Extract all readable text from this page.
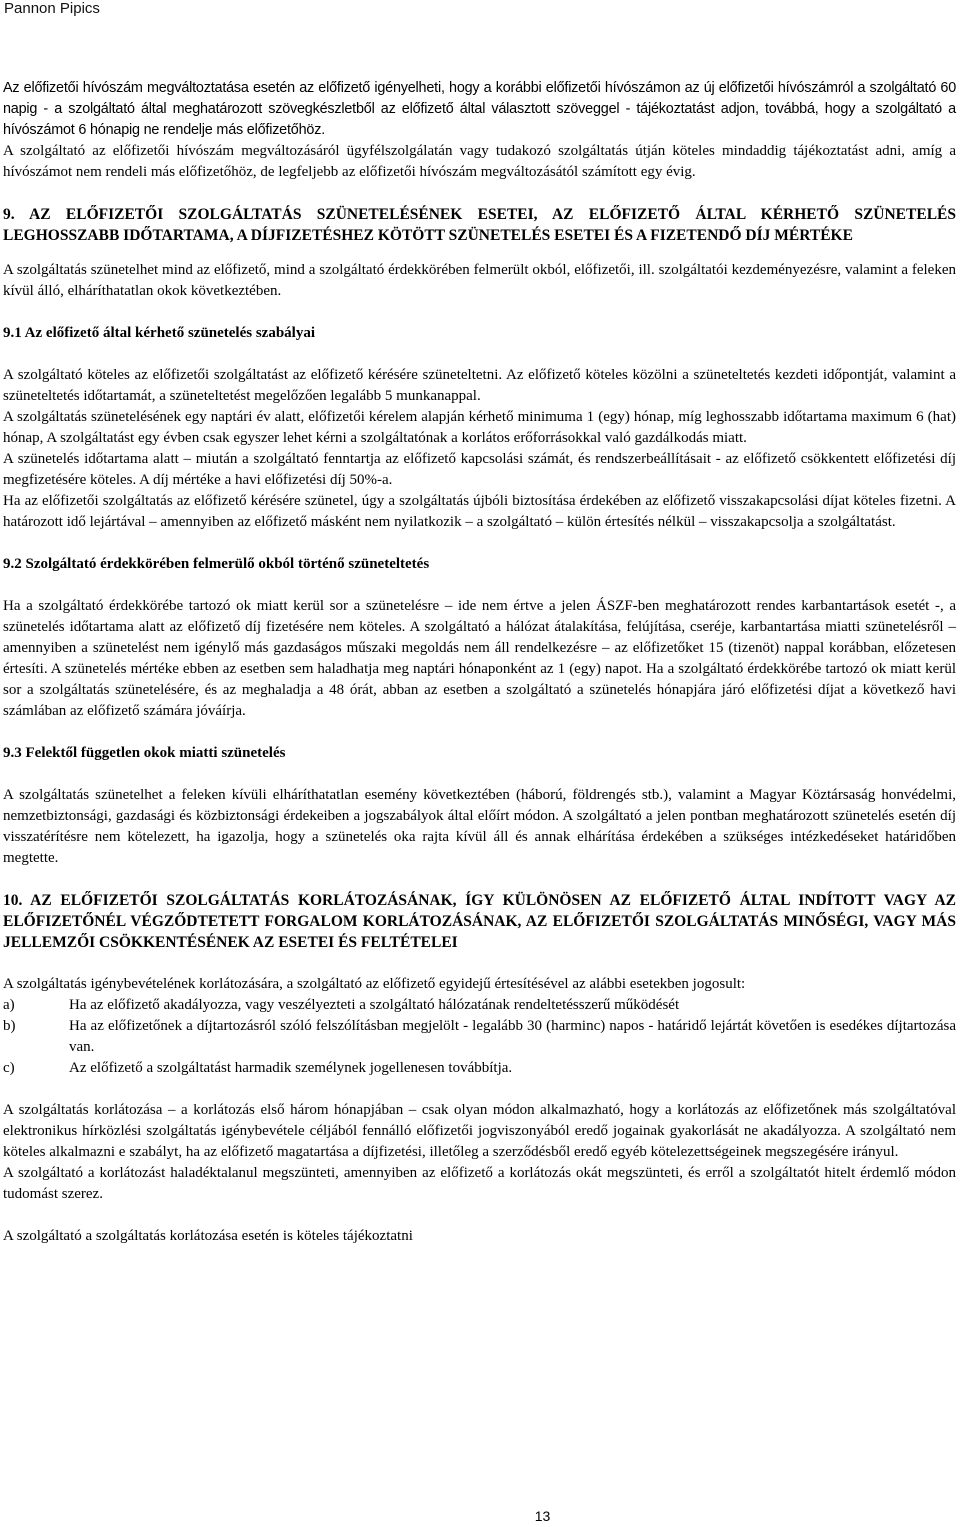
Pannon Pipics

Az előfizetői hívószám megváltoztatása esetén az előfizető igényelheti, hogy a korábbi előfizetői hívószámon az új előfizetői hívószámról a szolgáltató 60 napig - a szolgáltató által meghatározott szövegkészletből az előfizető által választott szöveggel - tájékoztatást adjon, továbbá, hogy a szolgáltató a hívószámot 6 hónapig ne rendelje más előfizetőhöz.

A szolgáltató az előfizetői hívószám megváltozásáról ügyfélszolgálatán vagy tudakozó szolgáltatás útján köteles mindaddig tájékoztatást adni, amíg a hívószámot nem rendeli más előfizetőhöz, de legfeljebb az előfizetői hívószám megváltozásától számított egy évig.

9. AZ ELŐFIZETŐI SZOLGÁLTATÁS SZÜNETELÉSÉNEK ESETEI, AZ ELŐFIZETŐ ÁLTAL KÉRHETŐ SZÜNETELÉS LEGHOSSZABB IDŐTARTAMA, A DÍJFIZETÉSHEZ KÖTÖTT SZÜNETELÉS ESETEI ÉS A FIZETENDŐ DÍJ MÉRTÉKE

A szolgáltatás szünetelhet mind az előfizető, mind a szolgáltató érdekkörében felmerült okból, előfizetői, ill. szolgáltatói kezdeményezésre, valamint a feleken kívül álló, elháríthatatlan okok következtében.

9.1 Az előfizető által kérhető szünetelés szabályai

A szolgáltató köteles az előfizetői szolgáltatást az előfizető kérésére szüneteltetni. Az előfizető köteles közölni a szüneteltetés kezdeti időpontját, valamint a szüneteltetés időtartamát, a szüneteltetést megelőzően legalább 5 munkanappal.

A szolgáltatás szünetelésének egy naptári év alatt, előfizetői kérelem alapján kérhető minimuma 1 (egy) hónap, míg leghosszabb időtartama maximum 6 (hat) hónap, A szolgáltatást egy évben csak egyszer lehet kérni a szolgáltatónak a korlátos erőforrásokkal való gazdálkodás miatt.

A szünetelés időtartama alatt – miután a szolgáltató fenntartja az előfizető kapcsolási számát, és rendszerbeállításait - az előfizető csökkentett előfizetési díj megfizetésére köteles. A díj mértéke a havi előfizetési díj 50%-a.

Ha az előfizetői szolgáltatás az előfizető kérésére szünetel, úgy a szolgáltatás újbóli biztosítása érdekében az előfizető visszakapcsolási díjat köteles fizetni. A határozott idő lejártával – amennyiben az előfizető másként nem nyilatkozik – a szolgáltató – külön értesítés nélkül – visszakapcsolja a szolgáltatást.

9.2 Szolgáltató érdekkörében felmerülő okból történő szüneteltetés

Ha a szolgáltató érdekkörébe tartozó ok miatt kerül sor a szünetelésre – ide nem értve a jelen ÁSZF-ben meghatározott rendes karbantartások esetét -, a szünetelés időtartama alatt az előfizető díj fizetésére nem köteles. A szolgáltató a hálózat átalakítása, felújítása, cseréje, karbantartása miatti szünetelésről – amennyiben a szünetelést nem igénylő más gazdaságos műszaki megoldás nem áll rendelkezésre – az előfizetőket 15 (tizenöt) nappal korábban, előzetesen értesíti. A szünetelés mértéke ebben az esetben sem haladhatja meg naptári hónaponként az 1 (egy) napot. Ha a szolgáltató érdekkörébe tartozó ok miatt kerül sor a szolgáltatás szünetelésére, és az meghaladja a 48 órát, abban az esetben a szolgáltató a szünetelés hónapjára járó előfizetési díjat a következő havi számlában az előfizető számára jóváírja.

9.3 Felektől független okok miatti szünetelés

A szolgáltatás szünetelhet a feleken kívüli elháríthatatlan esemény következtében (háború, földrengés stb.), valamint a Magyar Köztársaság honvédelmi, nemzetbiztonsági, gazdasági és közbiztonsági érdekeiben a jogszabályok által előírt módon. A szolgáltató a jelen pontban meghatározott szünetelés esetén díj visszatérítésre nem kötelezett, ha igazolja, hogy a szünetelés oka rajta kívül áll és annak elhárítása érdekében a szükséges intézkedéseket határidőben megtette.

10. AZ ELŐFIZETŐI SZOLGÁLTATÁS KORLÁTOZÁSÁNAK, ÍGY KÜLÖNÖSEN AZ ELŐFIZETŐ ÁLTAL INDÍTOTT VAGY AZ ELŐFIZETŐNÉL VÉGZŐDTETETT FORGALOM KORLÁTOZÁSÁNAK, AZ ELŐFIZETŐI SZOLGÁLTATÁS MINŐSÉGI, VAGY MÁS JELLEMZŐI CSÖKKENTÉSÉNEK AZ ESETEI ÉS FELTÉTELEI

A szolgáltatás igénybevételének korlátozására, a szolgáltató az előfizető egyidejű értesítésével az alábbi esetekben jogosult:

a)	Ha az előfizető akadályozza, vagy veszélyezteti a szolgáltató hálózatának rendeltetésszerű működését
b)	Ha az előfizetőnek a díjtartozásról szóló felszólításban megjelölt - legalább 30 (harminc) napos - határidő lejártát követően is esedékes díjtartozása van.
c)	Az előfizető a szolgáltatást harmadik személynek jogellenesen továbbítja.

A szolgáltatás korlátozása – a korlátozás első három hónapjában – csak olyan módon alkalmazható, hogy a korlátozás az előfizetőnek más szolgáltatóval elektronikus hírközlési szolgáltatás igénybevétele céljából fennálló előfizetői jogviszonyából eredő jogainak gyakorlását ne akadályozza. A szolgáltató nem köteles alkalmazni e szabályt, ha az előfizető magatartása a díjfizetési, illetőleg a szerződésből eredő egyéb kötelezettségeinek megszegésére irányul.

A szolgáltató a korlátozást haladéktalanul megszünteti, amennyiben az előfizető a korlátozás okát megszünteti, és erről a szolgáltatót hitelt érdemlő módon tudomást szerez.

A szolgáltató a szolgáltatás korlátozása esetén is köteles tájékoztatni

13
